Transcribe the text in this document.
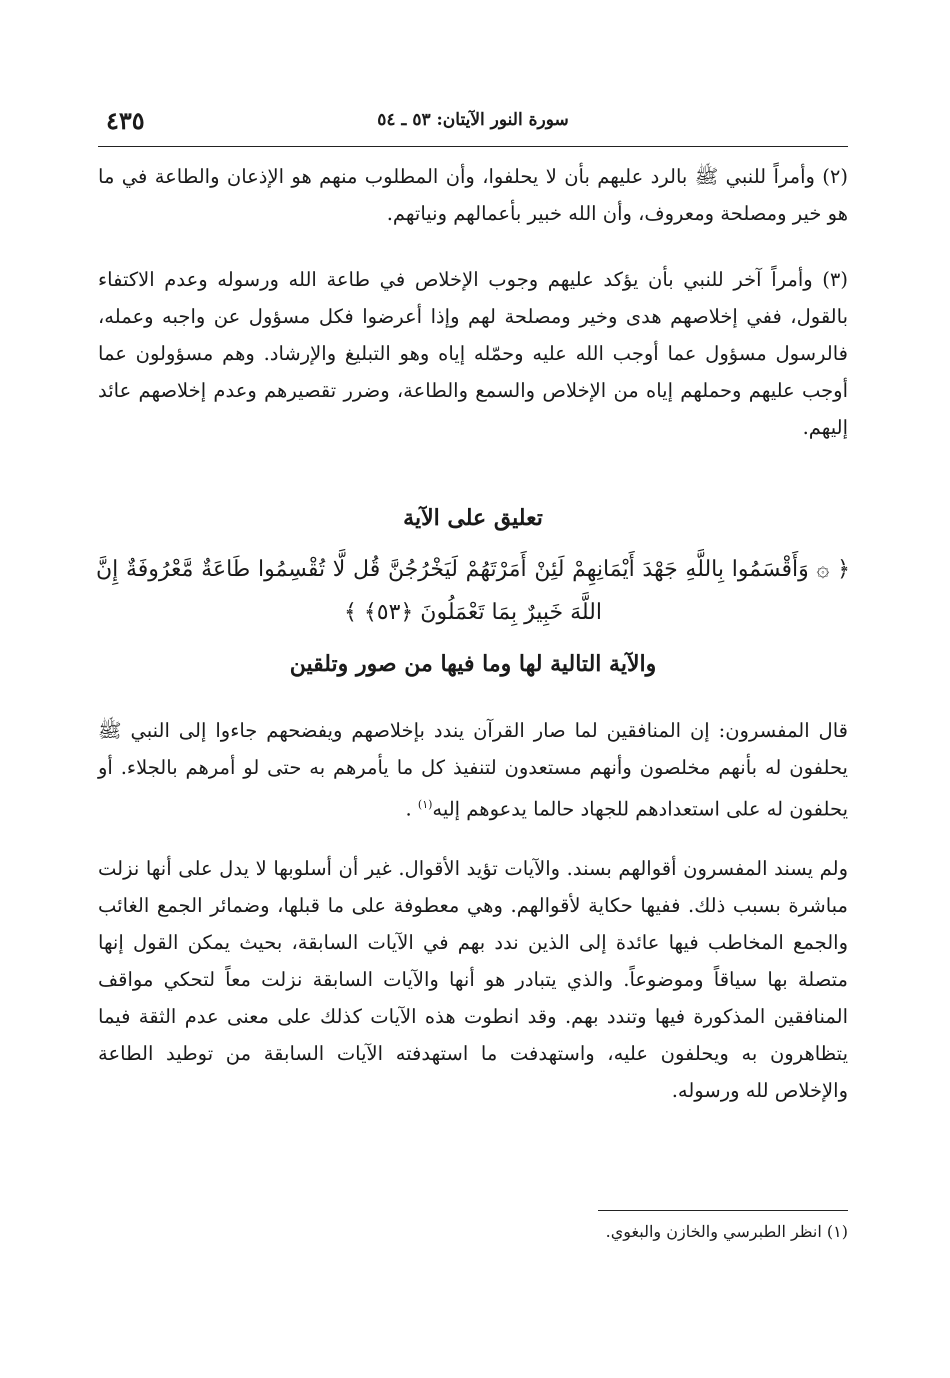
٤٣٥	سورة النور الآيتان: ٥٣ ـ ٥٤

(٢) وأمراً للنبي ﷺ بالرد عليهم بأن لا يحلفوا، وأن المطلوب منهم هو الإذعان والطاعة في ما هو خير ومصلحة ومعروف، وأن الله خبير بأعمالهم ونياتهم.

(٣) وأمراً آخر للنبي بأن يؤكد عليهم وجوب الإخلاص في طاعة الله ورسوله وعدم الاكتفاء بالقول، ففي إخلاصهم هدى وخير ومصلحة لهم وإذا أعرضوا فكل مسؤول عن واجبه وعمله، فالرسول مسؤول عما أوجب الله عليه وحمّله إياه وهو التبليغ والإرشاد. وهم مسؤولون عما أوجب عليهم وحملهم إياه من الإخلاص والسمع والطاعة، وضرر تقصيرهم وعدم إخلاصهم عائد إليهم.

تعليق على الآية
﴿ ۞ وَأَقْسَمُوا بِاللَّهِ جَهْدَ أَيْمَانِهِمْ لَئِنْ أَمَرْتَهُمْ لَيَخْرُجُنَّ قُل لَّا تُقْسِمُوا طَاعَةٌ مَّعْرُوفَةٌ إِنَّ اللَّهَ خَبِيرٌ بِمَا تَعْمَلُونَ ﴿٥٣﴾ ﴾
والآية التالية لها وما فيها من صور وتلقين

قال المفسرون: إن المنافقين لما صار القرآن يندد بإخلاصهم ويفضحهم جاءوا إلى النبي ﷺ يحلفون له بأنهم مخلصون وأنهم مستعدون لتنفيذ كل ما يأمرهم به حتى لو أمرهم بالجلاء. أو يحلفون له على استعدادهم للجهاد حالما يدعوهم إليه$^{(١)}$ .

ولم يسند المفسرون أقوالهم بسند. والآيات تؤيد الأقوال. غير أن أسلوبها لا يدل على أنها نزلت مباشرة بسبب ذلك. ففيها حكاية لأقوالهم. وهي معطوفة على ما قبلها، وضمائر الجمع الغائب والجمع المخاطب فيها عائدة إلى الذين ندد بهم في الآيات السابقة، بحيث يمكن القول إنها متصلة بها سياقاً وموضوعاً. والذي يتبادر هو أنها والآيات السابقة نزلت معاً لتحكي مواقف المنافقين المذكورة فيها وتندد بهم. وقد انطوت هذه الآيات كذلك على معنى عدم الثقة فيما يتظاهرون به ويحلفون عليه، واستهدفت ما استهدفته الآيات السابقة من توطيد الطاعة والإخلاص لله ورسوله.

(١) انظر الطبرسي والخازن والبغوي.
